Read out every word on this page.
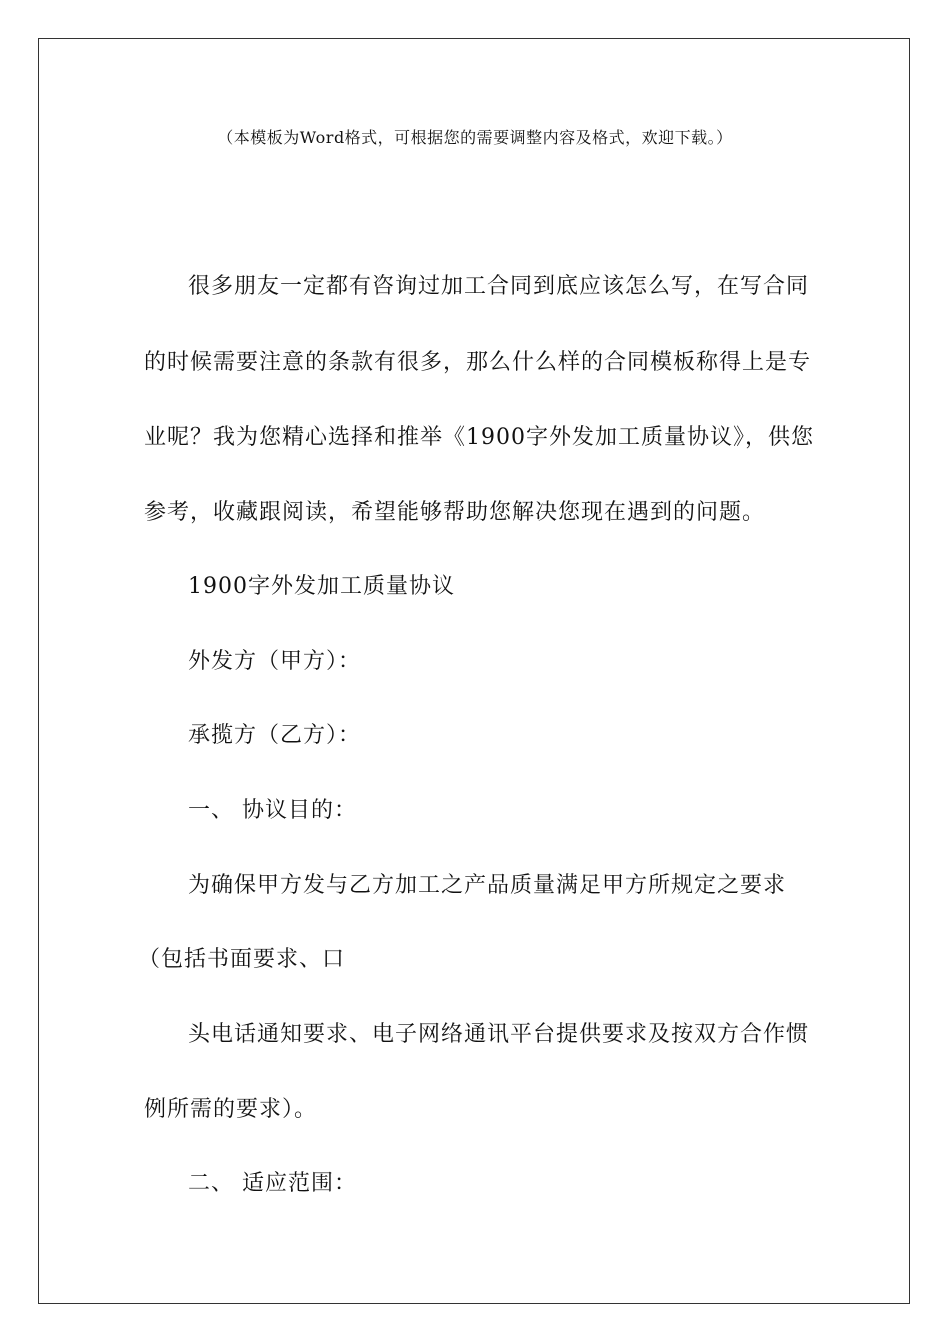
（本模板为Word格式，可根据您的需要调整内容及格式，欢迎下载。）
很多朋友一定都有咨询过加工合同到底应该怎么写，在写合同
的时候需要注意的条款有很多，那么什么样的合同模板称得上是专
业呢？我为您精心选择和推举《1900字外发加工质量协议》，供您
参考，收藏跟阅读，希望能够帮助您解决您现在遇到的问题。
1900字外发加工质量协议
外发方（甲方）：
承揽方（乙方）：
一、 协议目的：
为确保甲方发与乙方加工之产品质量满足甲方所规定之要求
（包括书面要求、口
头电话通知要求、电子网络通讯平台提供要求及按双方合作惯
例所需的要求）。
二、 适应范围：
